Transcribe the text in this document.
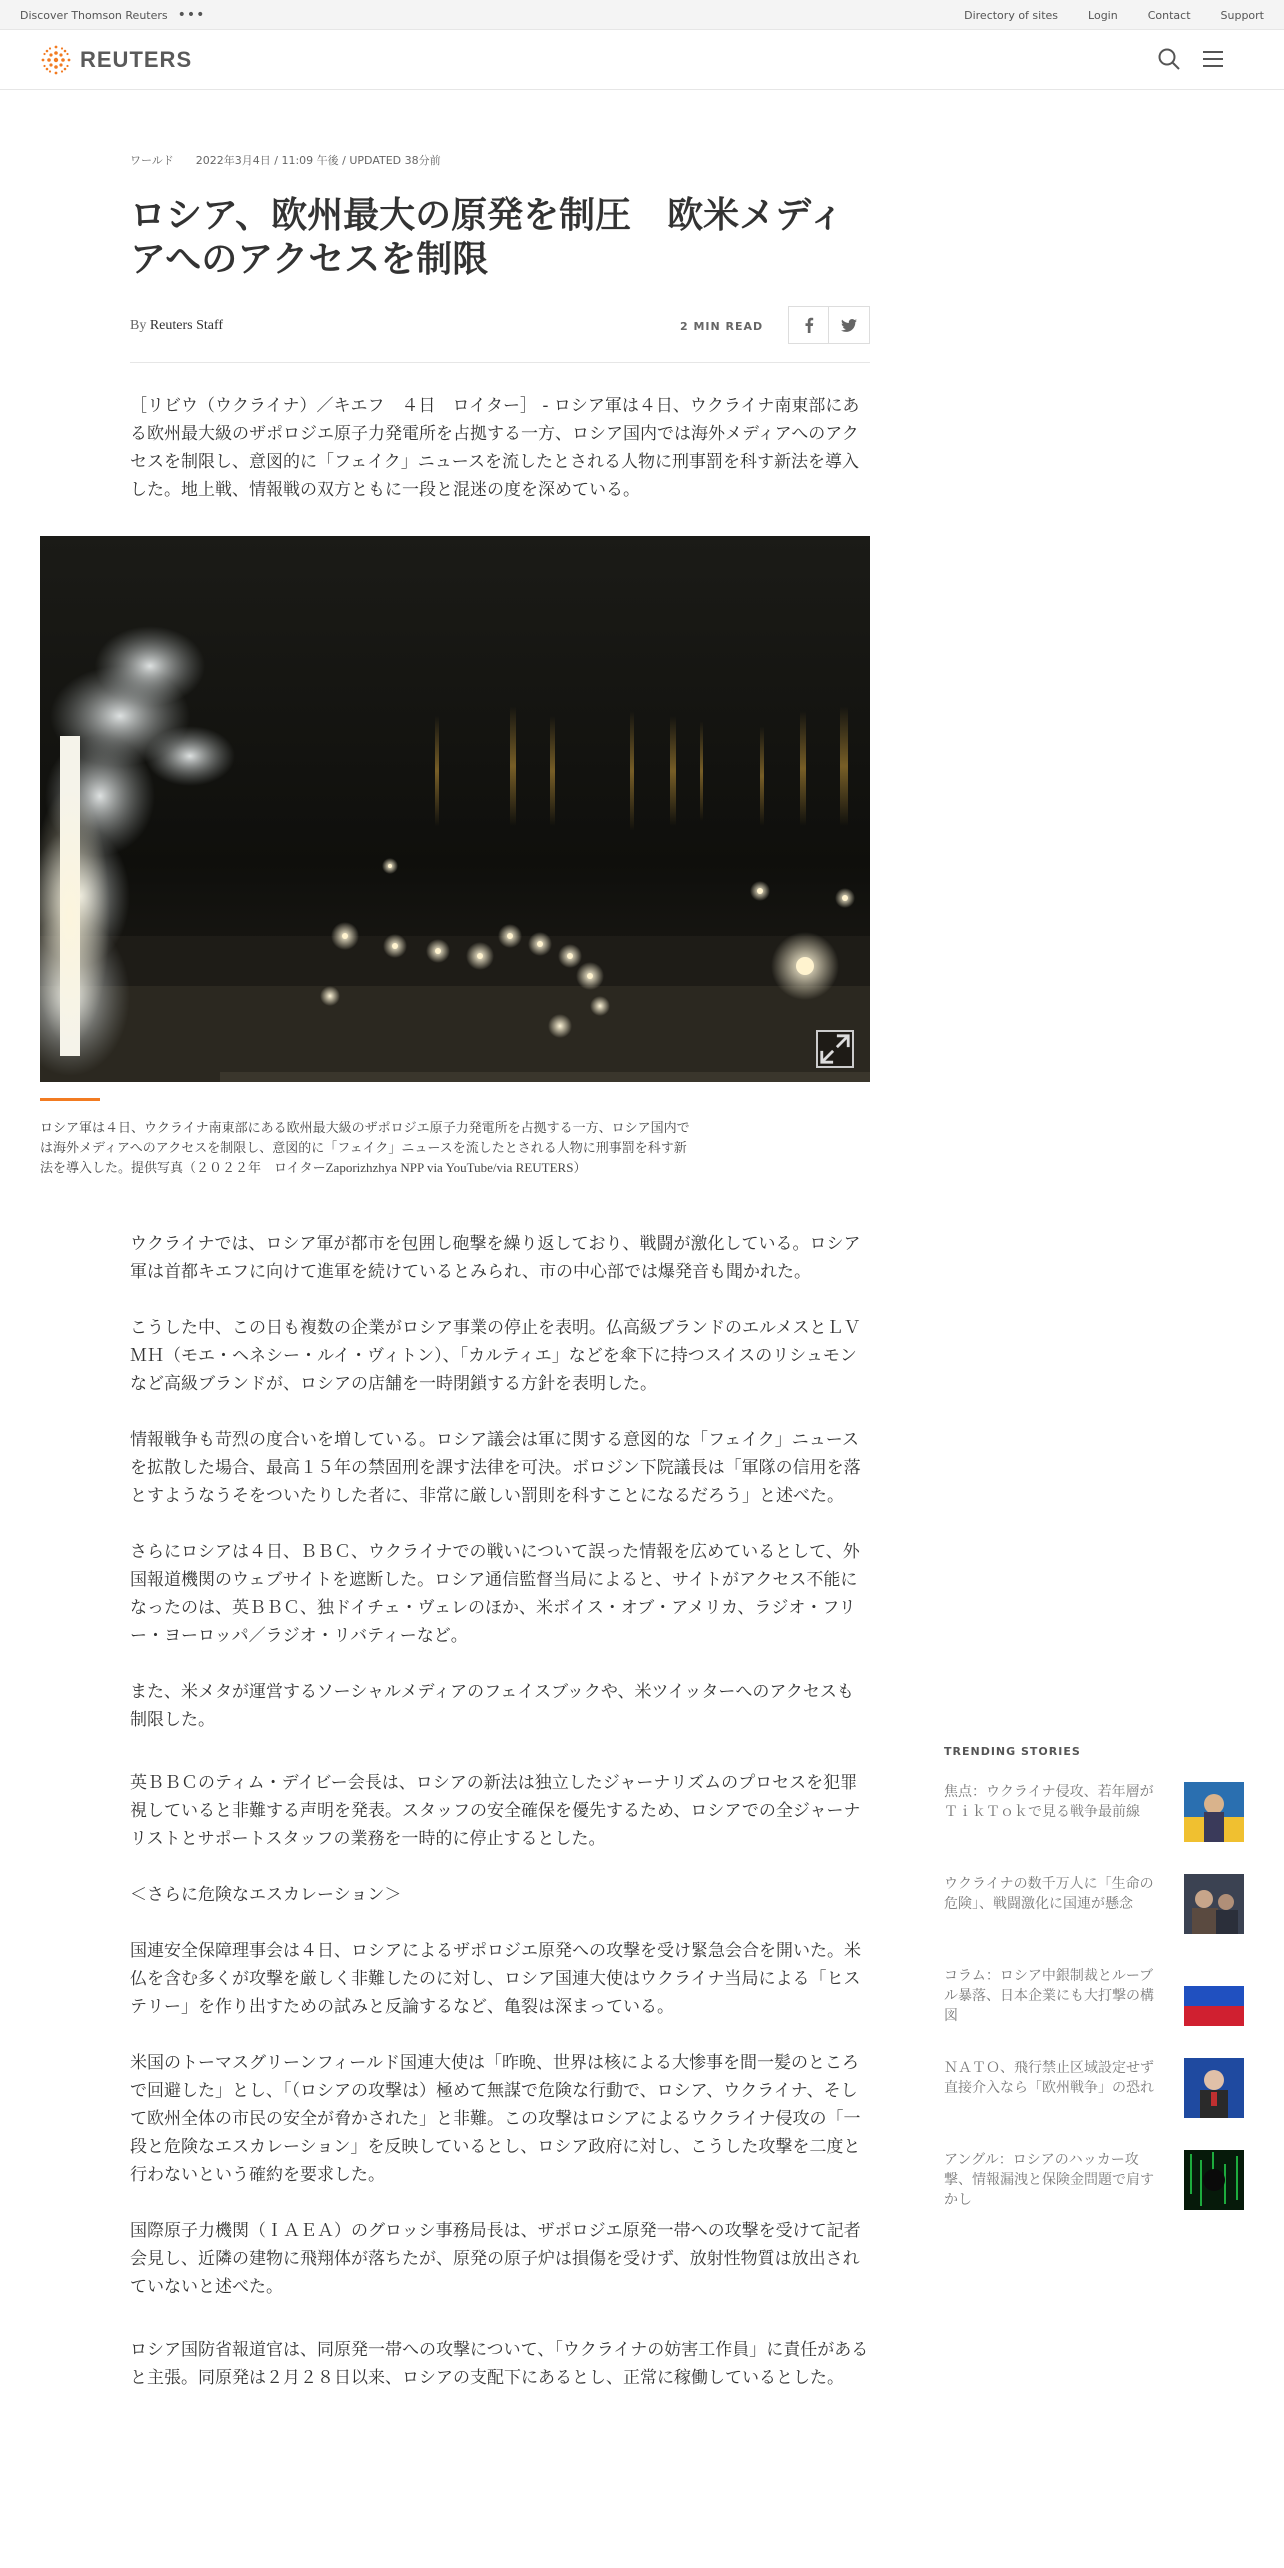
Discover Thomson Reuters •••	Directory of sites	Login	Contact	Support
REUTERS
ワールド 2022年3月4日 / 11:09 午後 / UPDATED 38分前
ロシア、欧州最大の原発を制圧　欧米メディアへのアクセスを制限
By Reuters Staff	2 MIN READ

［リビウ（ウクライナ）／キエフ　４日　ロイター］ - ロシア軍は４日、ウクライナ南東部にある欧州最大級のザポロジエ原子力発電所を占拠する一方、ロシア国内では海外メディアへのアクセスを制限し、意図的に「フェイク」ニュースを流したとされる人物に刑事罰を科す新法を導入した。地上戦、情報戦の双方ともに一段と混迷の度を深めている。

ロシア軍は４日、ウクライナ南東部にある欧州最大級のザポロジエ原子力発電所を占拠する一方、ロシア国内では海外メディアへのアクセスを制限し、意図的に「フェイク」ニュースを流したとされる人物に刑事罰を科す新法を導入した。提供写真（２０２２年　ロイターZaporizhzhya NPP via YouTube/via REUTERS）

ウクライナでは、ロシア軍が都市を包囲し砲撃を繰り返しており、戦闘が激化している。ロシア軍は首都キエフに向けて進軍を続けているとみられ、市の中心部では爆発音も聞かれた。

こうした中、この日も複数の企業がロシア事業の停止を表明。仏高級ブランドのエルメスとＬＶＭＨ（モエ・ヘネシー・ルイ・ヴィトン）、「カルティエ」などを傘下に持つスイスのリシュモンなど高級ブランドが、ロシアの店舗を一時閉鎖する方針を表明した。

情報戦争も苛烈の度合いを増している。ロシア議会は軍に関する意図的な「フェイク」ニュースを拡散した場合、最高１５年の禁固刑を課す法律を可決。ボロジン下院議長は「軍隊の信用を落とすようなうそをついたりした者に、非常に厳しい罰則を科すことになるだろう」と述べた。

さらにロシアは４日、ＢＢＣ、ウクライナでの戦いについて誤った情報を広めているとして、外国報道機関のウェブサイトを遮断した。ロシア通信監督当局によると、サイトがアクセス不能になったのは、英ＢＢＣ、独ドイチェ・ヴェレのほか、米ボイス・オブ・アメリカ、ラジオ・フリー・ヨーロッパ／ラジオ・リバティーなど。

また、米メタが運営するソーシャルメディアのフェイスブックや、米ツイッターへのアクセスも制限した。

英ＢＢＣのティム・デイビー会長は、ロシアの新法は独立したジャーナリズムのプロセスを犯罪視していると非難する声明を発表。スタッフの安全確保を優先するため、ロシアでの全ジャーナリストとサポートスタッフの業務を一時的に停止するとした。

＜さらに危険なエスカレーション＞

国連安全保障理事会は４日、ロシアによるザポロジエ原発への攻撃を受け緊急会合を開いた。米仏を含む多くが攻撃を厳しく非難したのに対し、ロシア国連大使はウクライナ当局による「ヒステリー」を作り出すための試みと反論するなど、亀裂は深まっている。

米国のトーマスグリーンフィールド国連大使は「昨晩、世界は核による大惨事を間一髪のところで回避した」とし、「（ロシアの攻撃は）極めて無謀で危険な行動で、ロシア、ウクライナ、そして欧州全体の市民の安全が脅かされた」と非難。この攻撃はロシアによるウクライナ侵攻の「一段と危険なエスカレーション」を反映しているとし、ロシア政府に対し、こうした攻撃を二度と行わないという確約を要求した。

国際原子力機関（ＩＡＥＡ）のグロッシ事務局長は、ザポロジエ原発一帯への攻撃を受けて記者会見し、近隣の建物に飛翔体が落ちたが、原発の原子炉は損傷を受けず、放射性物質は放出されていないと述べた。

ロシア国防省報道官は、同原発一帯への攻撃について、「ウクライナの妨害工作員」に責任があると主張。同原発は２月２８日以来、ロシアの支配下にあるとし、正常に稼働しているとした。

TRENDING STORIES
焦点：ウクライナ侵攻、若年層がＴｉｋＴｏｋで見る戦争最前線
ウクライナの数千万人に「生命の危険」、戦闘激化に国連が懸念
コラム：ロシア中銀制裁とルーブル暴落、日本企業にも大打撃の構図
ＮＡＴＯ、飛行禁止区域設定せず　直接介入なら「欧州戦争」の恐れ
アングル：ロシアのハッカー攻撃、情報漏洩と保険金問題で肩すかし
